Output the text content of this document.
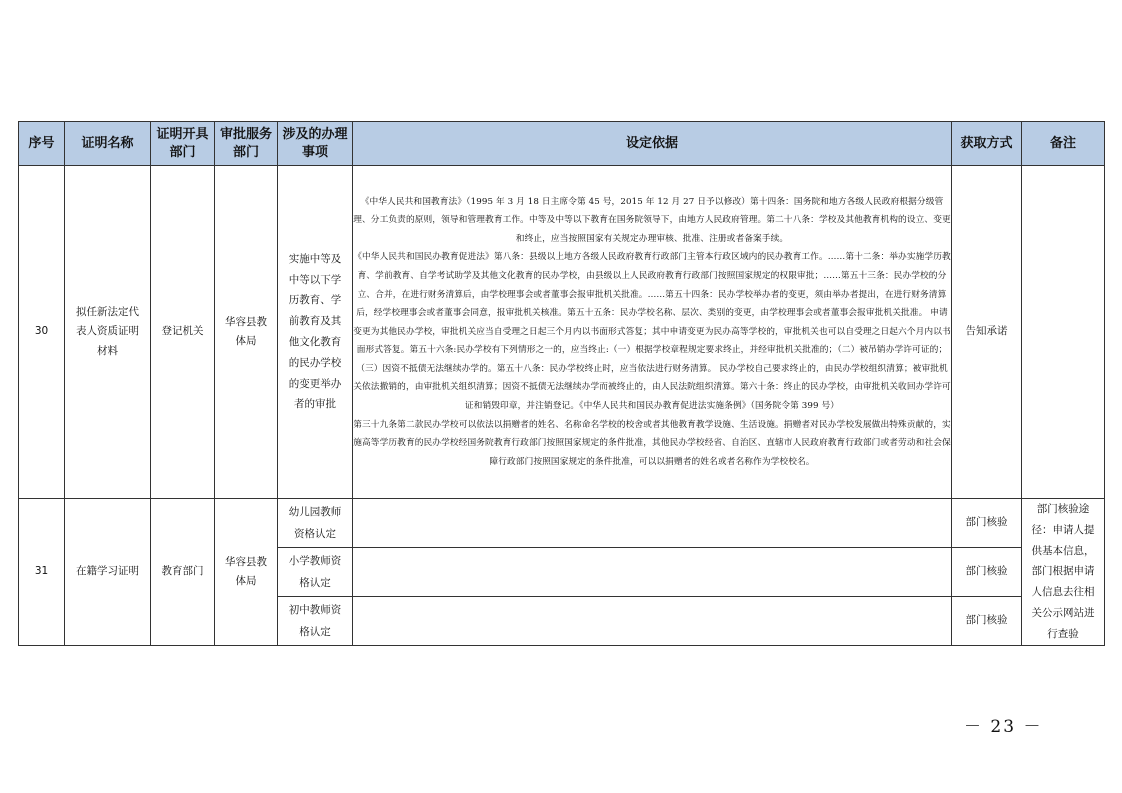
序号	证明名称	证明开具部门	审批服务部门	涉及的办理事项	设定依据	获取方式	备注
30	拟任新法定代表人资质证明材料	登记机关	华容县教体局	实施中等及中等以下学历教育、学前教育及其他文化教育的民办学校的变更举办者的审批	《中华人民共和国教育法》（1995 年 3 月 18 日主席令第 45 号，2015 年 12 月 27 日予以修改）第十四条：国务院和地方各级人民政府根据分级管理、分工负责的原则，领导和管理教育工作。中等及中等以下教育在国务院领导下，由地方人民政府管理。第二十八条：学校及其他教育机构的设立、变更和终止，应当按照国家有关规定办理审核、批准、注册或者备案手续。

《中华人民共和国民办教育促进法》第八条：县级以上地方各级人民政府教育行政部门主管本行政区域内的民办教育工作。……第十二条：举办实施学历教育、学前教育、自学考试助学及其他文化教育的民办学校，由县级以上人民政府教育行政部门按照国家规定的权限审批；……第五十三条：民办学校的分立、合并，在进行财务清算后，由学校理事会或者董事会报审批机关批准。……第五十四条：民办学校举办者的变更，须由举办者提出，在进行财务清算后，经学校理事会或者董事会同意，报审批机关核准。第五十五条：民办学校名称、层次、类别的变更，由学校理事会或者董事会报审批机关批准。 申请变更为其他民办学校，审批机关应当自受理之日起三个月内以书面形式答复；其中申请变更为民办高等学校的，审批机关也可以自受理之日起六个月内以书面形式答复。第五十六条:民办学校有下列情形之一的，应当终止:（一）根据学校章程规定要求终止，并经审批机关批准的；（二）被吊销办学许可证的；（三）因资不抵债无法继续办学的。第五十八条：民办学校终止时，应当依法进行财务清算。 民办学校自己要求终止的，由民办学校组织清算；被审批机关依法撤销的，由审批机关组织清算；因资不抵债无法继续办学而被终止的，由人民法院组织清算。第六十条：终止的民办学校，由审批机关收回办学许可证和销毁印章，并注销登记。《中华人民共和国民办教育促进法实施条例》（国务院令第 399 号）

第三十九条第二款民办学校可以依法以捐赠者的姓名、名称命名学校的校舍或者其他教育教学设施、生活设施。捐赠者对民办学校发展做出特殊贡献的，实施高等学历教育的民办学校经国务院教育行政部门按照国家规定的条件批准，其他民办学校经省、自治区、直辖市人民政府教育行政部门或者劳动和社会保障行政部门按照国家规定的条件批准，可以以捐赠者的姓名或者名称作为学校校名。	告知承诺	
31	在籍学习证明	教育部门	华容县教体局	幼儿园教师资格认定		部门核验	部门核验途径：申请人提供基本信息，部门根据申请人信息去往相关公示网站进行查验
				小学教师资格认定		部门核验	
				初中教师资格认定		部门核验	
－ 23 －
